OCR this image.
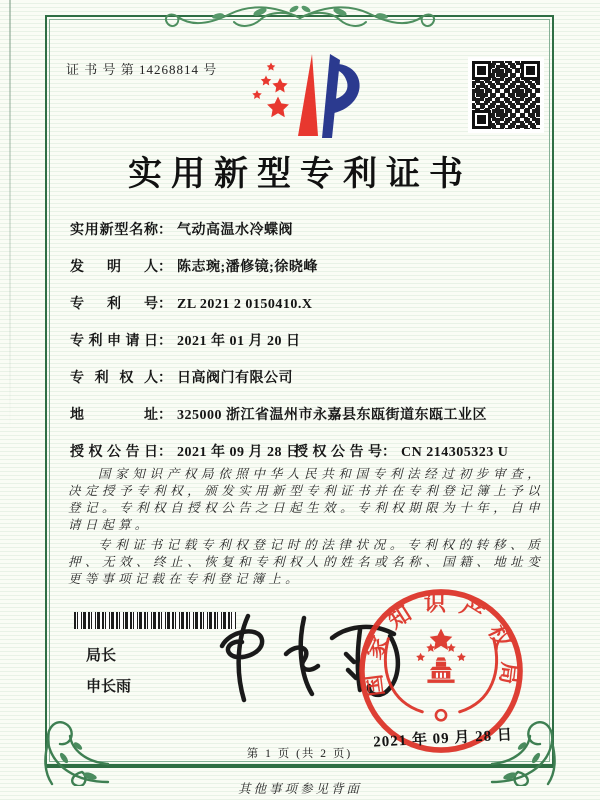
证 书 号 第 14268814 号
实用新型专利证书
实用新型名称： 气动高温水冷蝶阀
发明人： 陈志琬;潘修镜;徐晓峰
专利号： ZL 2021 2 0150410.X
专利申请日： 2021 年 01 月 20 日
专利权人： 日高阀门有限公司
地址： 325000 浙江省温州市永嘉县东瓯街道东瓯工业区
授权公告日： 2021 年 09 月 28 日
授权公告号： CN 214305323 U

国家知识产权局依照中华人民共和国专利法经过初步审查，决定授予专利权，颁发实用新型专利证书并在专利登记簿上予以登记。专利权自授权公告之日起生效。专利权期限为十年，自申请日起算。

专利证书记载专利权登记时的法律状况。专利权的转移、质押、无效、终止、恢复和专利权人的姓名或名称、国籍、地址变更等事项记载在专利登记簿上。

局长
申长雨	国家知识产权局
2021 年 09 月 28 日
第 1 页 (共 2 页)
其他事项参见背面
